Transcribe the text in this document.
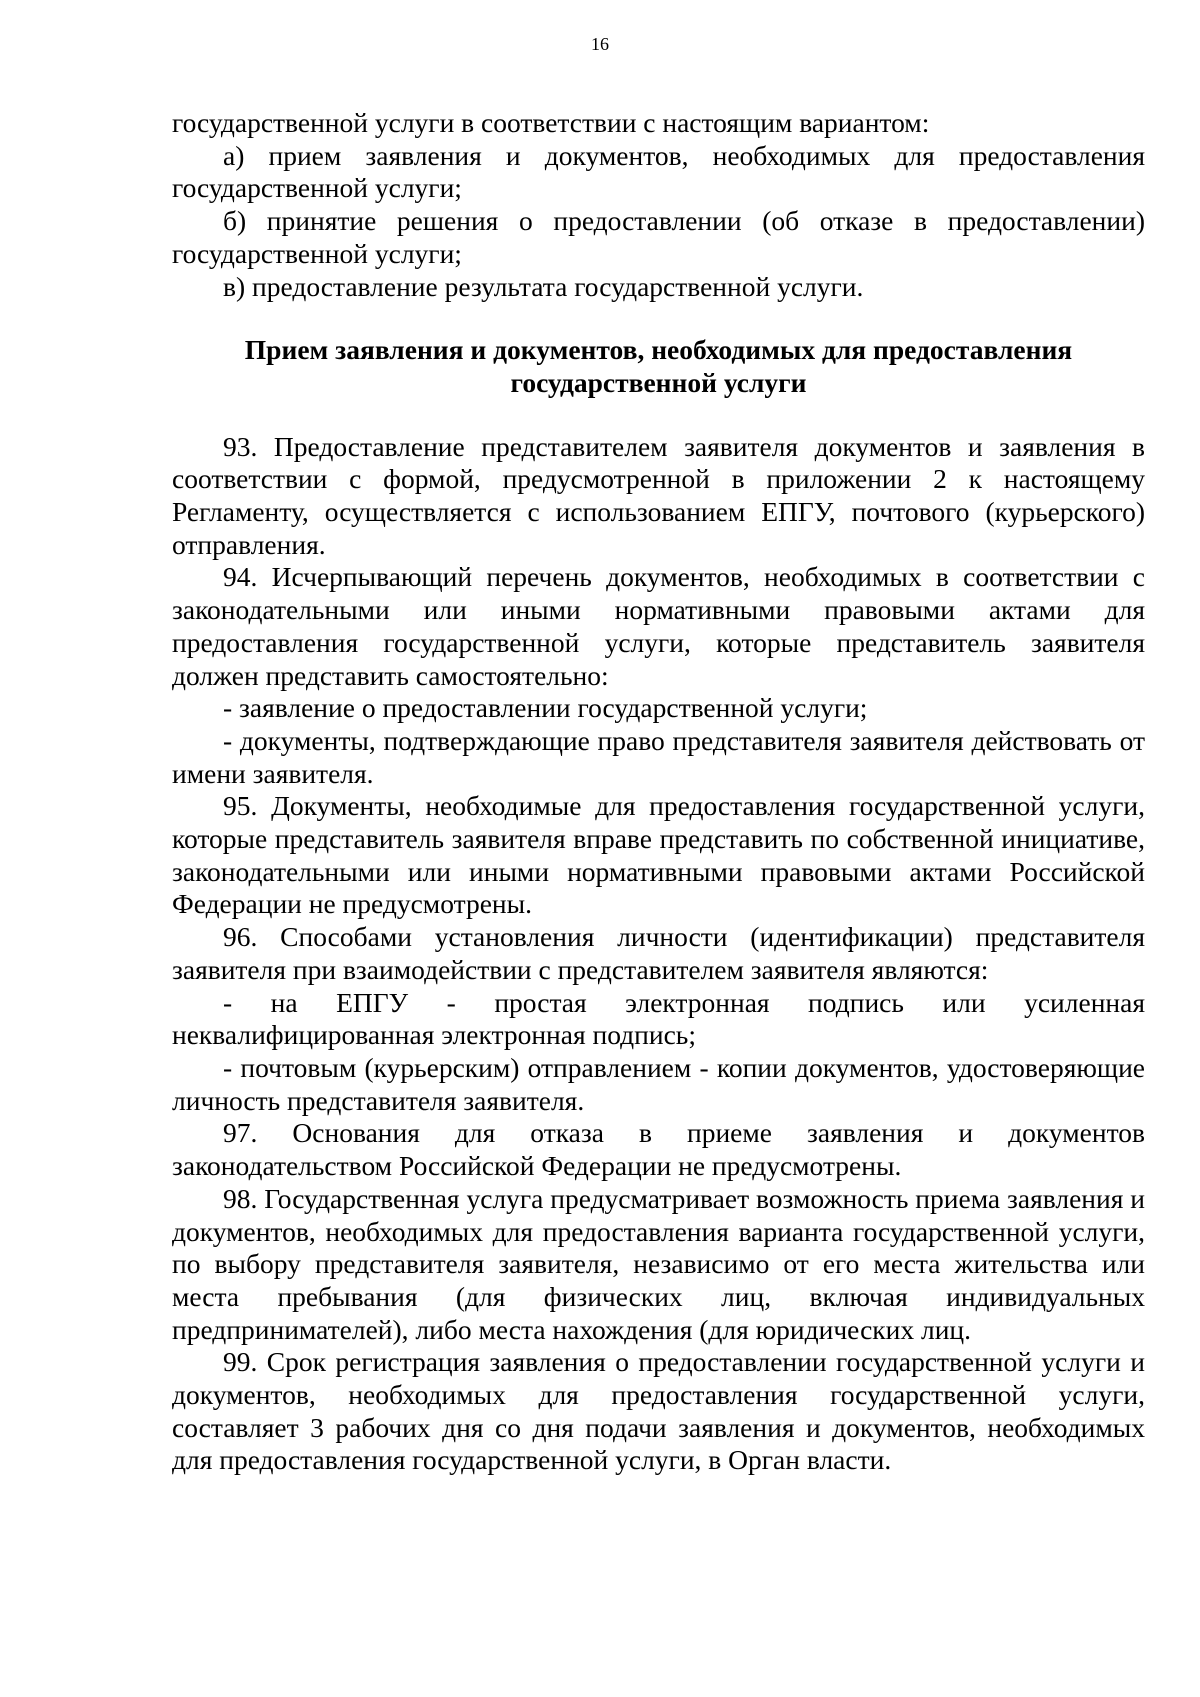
16

государственной услуги в соответствии с настоящим вариантом:

а) прием заявления и документов, необходимых для предоставления государственной услуги;

б) принятие решения о предоставлении (об отказе в предоставлении) государственной услуги;

в) предоставление результата государственной услуги.

Прием заявления и документов, необходимых для предоставления
государственной услуги

93. Предоставление представителем заявителя документов и заявления в соответствии с формой, предусмотренной в приложении 2 к настоящему Регламенту, осуществляется с использованием ЕПГУ, почтового (курьерского) отправления.

94. Исчерпывающий перечень документов, необходимых в соответствии с законодательными или иными нормативными правовыми актами для предоставления государственной услуги, которые представитель заявителя должен представить самостоятельно:

- заявление о предоставлении государственной услуги;

- документы, подтверждающие право представителя заявителя действовать от имени заявителя.

95. Документы, необходимые для предоставления государственной услуги, которые представитель заявителя вправе представить по собственной инициативе, законодательными или иными нормативными правовыми актами Российской Федерации не предусмотрены.

96. Способами установления личности (идентификации) представителя заявителя при взаимодействии с представителем заявителя являются:

- на ЕПГУ - простая электронная подпись или усиленная неквалифицированная электронная подпись;

- почтовым (курьерским) отправлением - копии документов, удостоверяющие личность представителя заявителя.

97. Основания для отказа в приеме заявления и документов законодательством Российской Федерации не предусмотрены.

98. Государственная услуга предусматривает возможность приема заявления и документов, необходимых для предоставления варианта государственной услуги, по выбору представителя заявителя, независимо от его места жительства или места пребывания (для физических лиц, включая индивидуальных предпринимателей), либо места нахождения (для юридических лиц.

99. Срок регистрация заявления о предоставлении государственной услуги и документов, необходимых для предоставления государственной услуги, составляет 3 рабочих дня со дня подачи заявления и документов, необходимых для предоставления государственной услуги, в Орган власти.
